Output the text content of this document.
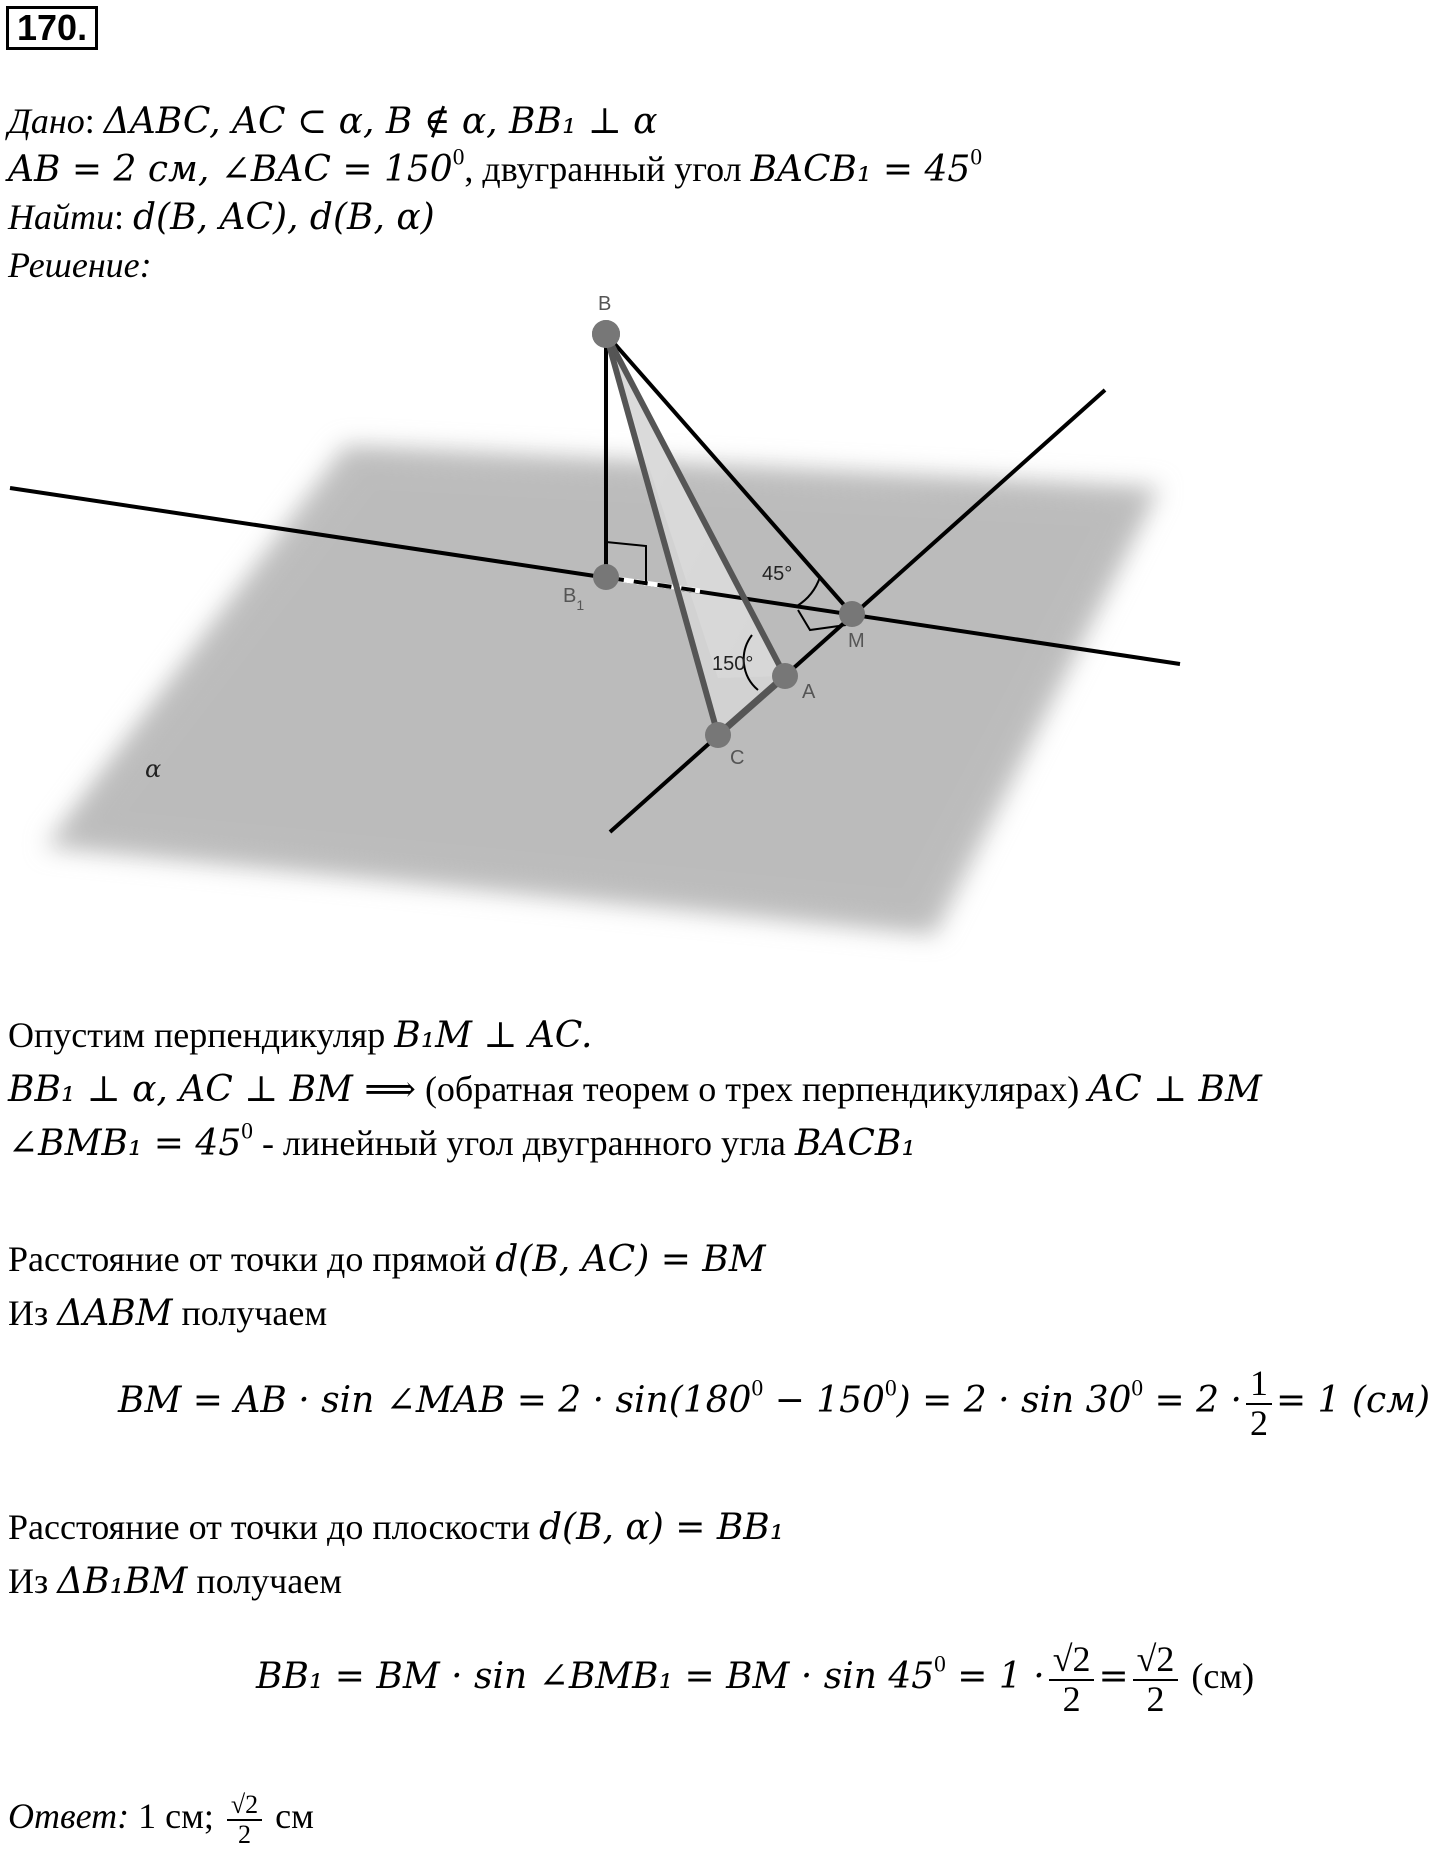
170.
Дано: ΔABC, AC ⊂ α, B ∉ α, BB₁ ⊥ α
AB = 2 см, ∠BAC = $150^0$, двугранный угол BACB₁ = $45^0$
Найти: d(B, AC), d(B, α)
Решение:
α
45°
150°
B
$B_1$
M
A
C
Опустим перпендикуляр B₁M ⊥ AC.
BB₁ ⊥ α, AC ⊥ BM ⟹ (обратная теорем о трех перпендикулярах) AC ⊥ BM
∠BMB₁ = $45^0$ - линейный угол двугранного угла BACB₁
Расстояние от точки до прямой d(B, AC) = BM
Из ΔABM получаем
BM = AB · sin ∠MAB = $2 \cdot \sin(180^0 - 150^0) = 2 \cdot \sin 30^0 = 2 \cdot \frac{1}{2} = 1$ (см)
Расстояние от точки до плоскости d(B, α) = BB₁
Из ΔB₁BM получаем
BB₁ = BM · sin ∠BMB₁ = BM · $\sin 45^0 = 1 \cdot \frac{√2}{2} = \frac{√2}{2} (см)$
Ответ: 1 см; $\frac{√2}{2}$ см
